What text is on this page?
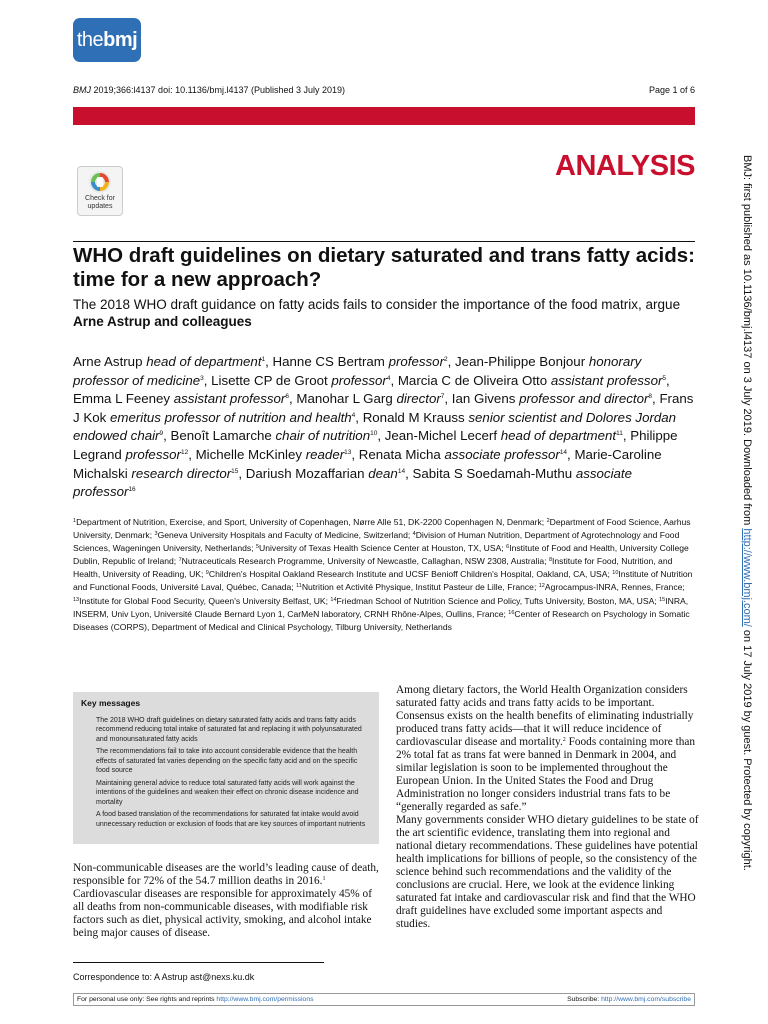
thebmj
BMJ 2019;366:l4137 doi: 10.1136/bmj.l4137 (Published 3 July 2019)	Page 1 of 6
ANALYSIS
Check for
updates
WHO draft guidelines on dietary saturated and trans fatty acids: time for a new approach?
The 2018 WHO draft guidance on fatty acids fails to consider the importance of the food matrix, argue Arne Astrup and colleagues
Arne Astrup head of department$^1$, Hanne CS Bertram professor$^2$, Jean-Philippe Bonjour honorary professor of medicine$^3$, Lisette CP de Groot professor$^4$, Marcia C de Oliveira Otto assistant professor$^5$, Emma L Feeney assistant professor$^6$, Manohar L Garg director$^7$, Ian Givens professor and director$^8$, Frans J Kok emeritus professor of nutrition and health$^4$, Ronald M Krauss senior scientist and Dolores Jordan endowed chair$^9$, Benoît Lamarche chair of nutrition$^{10}$, Jean-Michel Lecerf head of department$^{11}$, Philippe Legrand professor$^{12}$, Michelle McKinley reader$^{13}$, Renata Micha associate professor$^{14}$, Marie-Caroline Michalski research director$^{15}$, Dariush Mozaffarian dean$^{14}$, Sabita S Soedamah-Muthu associate professor$^{16}$
$^1$Department of Nutrition, Exercise, and Sport, University of Copenhagen, Nørre Alle 51, DK-2200 Copenhagen N, Denmark; $^2$Department of Food Science, Aarhus University, Denmark; $^3$Geneva University Hospitals and Faculty of Medicine, Switzerland; $^4$Division of Human Nutrition, Department of Agrotechnology and Food Sciences, Wageningen University, Netherlands; $^5$University of Texas Health Science Center at Houston, TX, USA; $^6$Institute of Food and Health, University College Dublin, Republic of Ireland; $^7$Nutraceuticals Research Programme, University of Newcastle, Callaghan, NSW 2308, Australia; $^8$Institute for Food, Nutrition, and Health, University of Reading, UK; $^9$Children's Hospital Oakland Research Institute and UCSF Benioff Children's Hospital, Oakland, CA, USA; $^{10}$Institute of Nutrition and Functional Foods, Université Laval, Québec, Canada; $^{11}$Nutrition et Activité Physique, Institut Pasteur de Lille, France; $^{12}$Agrocampus-INRA, Rennes, France; $^{13}$Institute for Global Food Security, Queen's University Belfast, UK; $^{14}$Friedman School of Nutrition Science and Policy, Tufts University, Boston, MA, USA; $^{15}$INRA, INSERM, Univ Lyon, Université Claude Bernard Lyon 1, CarMeN laboratory, CRNH Rhône-Alpes, Oullins, France; $^{16}$Center of Research on Psychology in Somatic Diseases (CORPS), Department of Medical and Clinical Psychology, Tilburg University, Netherlands
Key messages

The 2018 WHO draft guidelines on dietary saturated fatty acids and trans fatty acids recommend reducing total intake of saturated fat and replacing it with polyunsaturated and monounsaturated fatty acids

The recommendations fail to take into account considerable evidence that the health effects of saturated fat varies depending on the specific fatty acid and on the specific food source

Maintaining general advice to reduce total saturated fatty acids will work against the intentions of the guidelines and weaken their effect on chronic disease incidence and mortality

A food based translation of the recommendations for saturated fat intake would avoid unnecessary reduction or exclusion of foods that are key sources of important nutrients

Non-communicable diseases are the world’s leading cause of death, responsible for 72% of the 54.7 million deaths in 2016.$^1$ Cardiovascular diseases are responsible for approximately 45% of all deaths from non-communicable diseases, with modifiable risk factors such as diet, physical activity, smoking, and alcohol intake being major causes of disease.

Among dietary factors, the World Health Organization considers saturated fatty acids and trans fatty acids to be important. Consensus exists on the health benefits of eliminating industrially produced trans fatty acids—that it will reduce incidence of cardiovascular disease and mortality.$^2$ Foods containing more than 2% total fat as trans fat were banned in Denmark in 2004, and similar legislation is soon to be implemented throughout the European Union. In the United States the Food and Drug Administration no longer considers industrial trans fats to be “generally regarded as safe.”

Many governments consider WHO dietary guidelines to be state of the art scientific evidence, translating them into regional and national dietary recommendations. These guidelines have potential health implications for billions of people, so the consistency of the science behind such recommendations and the validity of the conclusions are crucial. Here, we look at the evidence linking saturated fat intake and cardiovascular risk and find that the WHO draft guidelines have excluded some important aspects and studies.

Correspondence to: A Astrup ast@nexs.ku.dk
For personal use only: See rights and reprints http://www.bmj.com/permissions	Subscribe: http://www.bmj.com/subscribe
BMJ: first published as 10.1136/bmj.l4137 on 3 July 2019. Downloaded from http://www.bmj.com/ on 17 July 2019 by guest. Protected by copyright.
